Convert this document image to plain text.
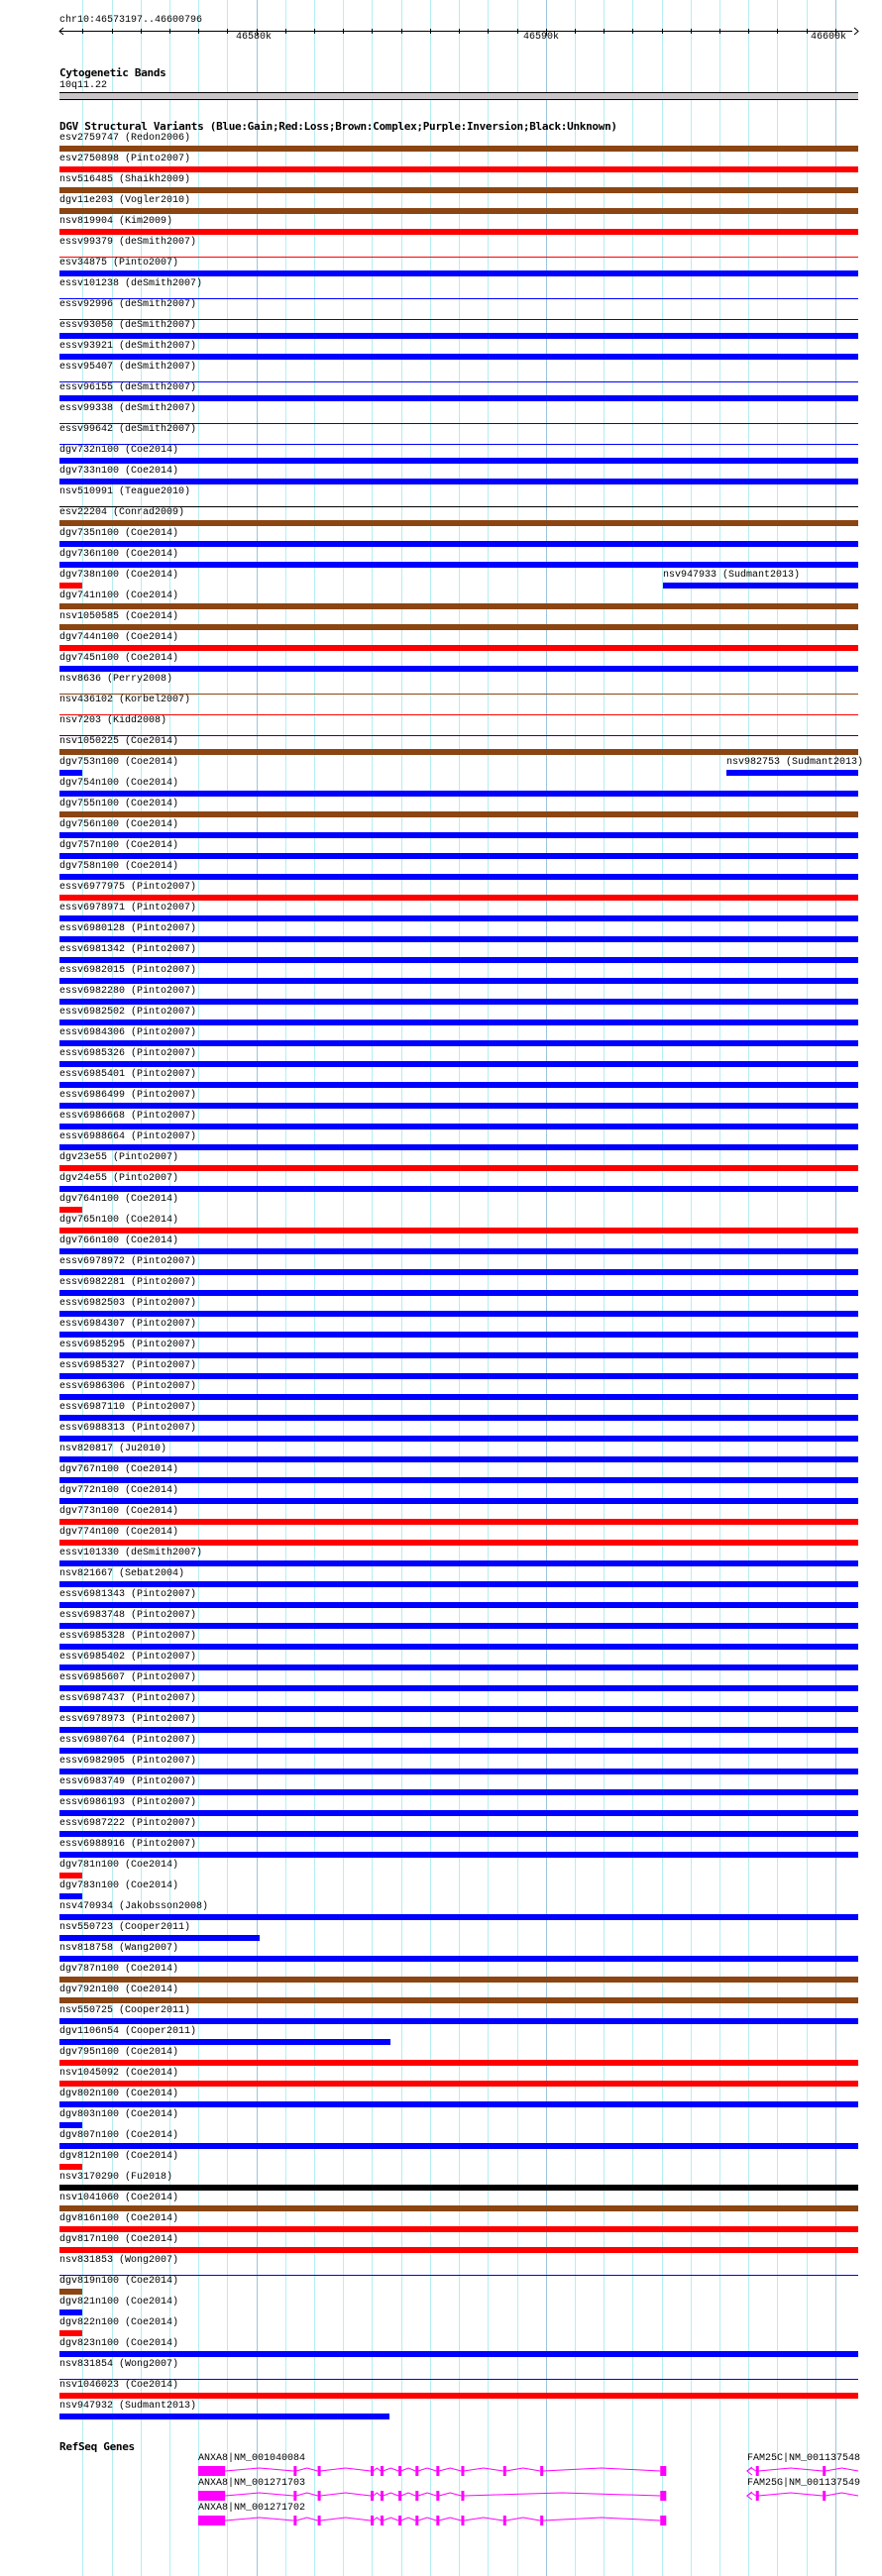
chr10:46573197..46600796
46580k	46590k	46600k
Cytogenetic Bands
10q11.22
DGV Structural Variants (Blue:Gain;Red:Loss;Brown:Complex;Purple:Inversion;Black:Unknown)
RefSeq Genes
esv2759747 (Redon2006)
esv2750898 (Pinto2007)
nsv516485 (Shaikh2009)
dgv11e203 (Vogler2010)
nsv819904 (Kim2009)
essv99379 (deSmith2007)
esv34875 (Pinto2007)
essv101238 (deSmith2007)
essv92996 (deSmith2007)
essv93050 (deSmith2007)
essv93921 (deSmith2007)
essv95407 (deSmith2007)
essv96155 (deSmith2007)
essv99338 (deSmith2007)
essv99642 (deSmith2007)
dgv732n100 (Coe2014)
dgv733n100 (Coe2014)
nsv510991 (Teague2010)
esv22204 (Conrad2009)
dgv735n100 (Coe2014)
dgv736n100 (Coe2014)
dgv738n100 (Coe2014)	nsv947933 (Sudmant2013)
dgv741n100 (Coe2014)
nsv1050585 (Coe2014)
dgv744n100 (Coe2014)
dgv745n100 (Coe2014)
nsv8636 (Perry2008)
nsv436102 (Korbel2007)
nsv7203 (Kidd2008)
nsv1050225 (Coe2014)
dgv753n100 (Coe2014)	nsv982753 (Sudmant2013)
dgv754n100 (Coe2014)
dgv755n100 (Coe2014)
dgv756n100 (Coe2014)
dgv757n100 (Coe2014)
dgv758n100 (Coe2014)
essv6977975 (Pinto2007)
essv6978971 (Pinto2007)
essv6980128 (Pinto2007)
essv6981342 (Pinto2007)
essv6982015 (Pinto2007)
essv6982280 (Pinto2007)
essv6982502 (Pinto2007)
essv6984306 (Pinto2007)
essv6985326 (Pinto2007)
essv6985401 (Pinto2007)
essv6986499 (Pinto2007)
essv6986668 (Pinto2007)
essv6988664 (Pinto2007)
dgv23e55 (Pinto2007)
dgv24e55 (Pinto2007)
dgv764n100 (Coe2014)
dgv765n100 (Coe2014)
dgv766n100 (Coe2014)
essv6978972 (Pinto2007)
essv6982281 (Pinto2007)
essv6982503 (Pinto2007)
essv6984307 (Pinto2007)
essv6985295 (Pinto2007)
essv6985327 (Pinto2007)
essv6986306 (Pinto2007)
essv6987110 (Pinto2007)
essv6988313 (Pinto2007)
nsv820817 (Ju2010)
dgv767n100 (Coe2014)
dgv772n100 (Coe2014)
dgv773n100 (Coe2014)
dgv774n100 (Coe2014)
essv101330 (deSmith2007)
nsv821667 (Sebat2004)
essv6981343 (Pinto2007)
essv6983748 (Pinto2007)
essv6985328 (Pinto2007)
essv6985402 (Pinto2007)
essv6985607 (Pinto2007)
essv6987437 (Pinto2007)
essv6978973 (Pinto2007)
essv6980764 (Pinto2007)
essv6982905 (Pinto2007)
essv6983749 (Pinto2007)
essv6986193 (Pinto2007)
essv6987222 (Pinto2007)
essv6988916 (Pinto2007)
dgv781n100 (Coe2014)
dgv783n100 (Coe2014)
nsv470934 (Jakobsson2008)
nsv550723 (Cooper2011)
nsv818758 (Wang2007)
dgv787n100 (Coe2014)
dgv792n100 (Coe2014)
nsv550725 (Cooper2011)
dgv1106n54 (Cooper2011)
dgv795n100 (Coe2014)
nsv1045092 (Coe2014)
dgv802n100 (Coe2014)
dgv803n100 (Coe2014)
dgv807n100 (Coe2014)
dgv812n100 (Coe2014)
nsv3170290 (Fu2018)
nsv1041060 (Coe2014)
dgv816n100 (Coe2014)
dgv817n100 (Coe2014)
nsv831853 (Wong2007)
dgv819n100 (Coe2014)
dgv821n100 (Coe2014)
dgv822n100 (Coe2014)
dgv823n100 (Coe2014)
nsv831854 (Wong2007)
nsv1046023 (Coe2014)
nsv947932 (Sudmant2013)
ANXA8|NM_001040084	FAM25C|NM_001137548
ANXA8|NM_001271703	FAM25G|NM_001137549
ANXA8|NM_001271702
